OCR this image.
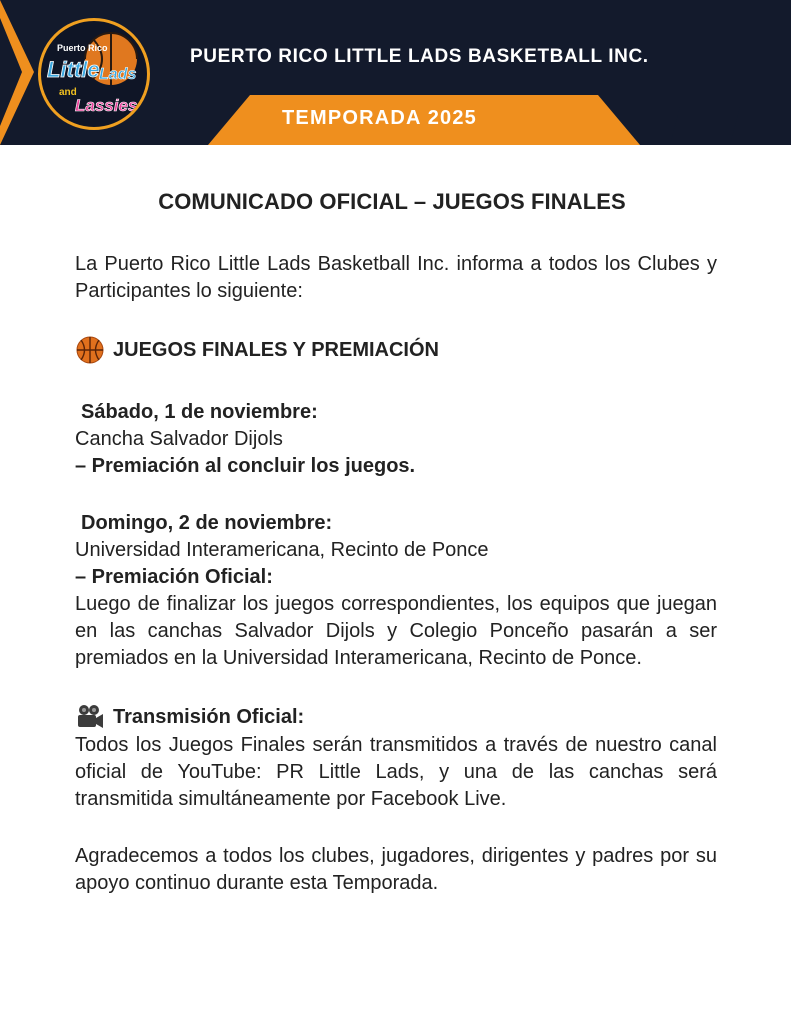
Puerto Rico
Little Lads
and
Lassies
PUERTO RICO LITTLE LADS BASKETBALL INC.
TEMPORADA 2025
COMUNICADO OFICIAL – JUEGOS FINALES

La Puerto Rico Little Lads Basketball Inc. informa a todos los Clubes y Participantes lo siguiente:

JUEGOS FINALES Y PREMIACIÓN

Sábado, 1 de noviembre:

Cancha Salvador Dijols

– Premiación al concluir los juegos.

Domingo, 2 de noviembre:

Universidad Interamericana, Recinto de Ponce

– Premiación Oficial:

Luego de finalizar los juegos correspondientes, los equipos que juegan en las canchas Salvador Dijols y Colegio Ponceño pasarán a ser premiados en la Universidad Interamericana, Recinto de Ponce.

Transmisión Oficial:

Todos los Juegos Finales serán transmitidos a través de nuestro canal oficial de YouTube: PR Little Lads, y una de las canchas será transmitida simultáneamente por Facebook Live.

Agradecemos a todos los clubes, jugadores, dirigentes y padres por su apoyo continuo durante esta Temporada.
